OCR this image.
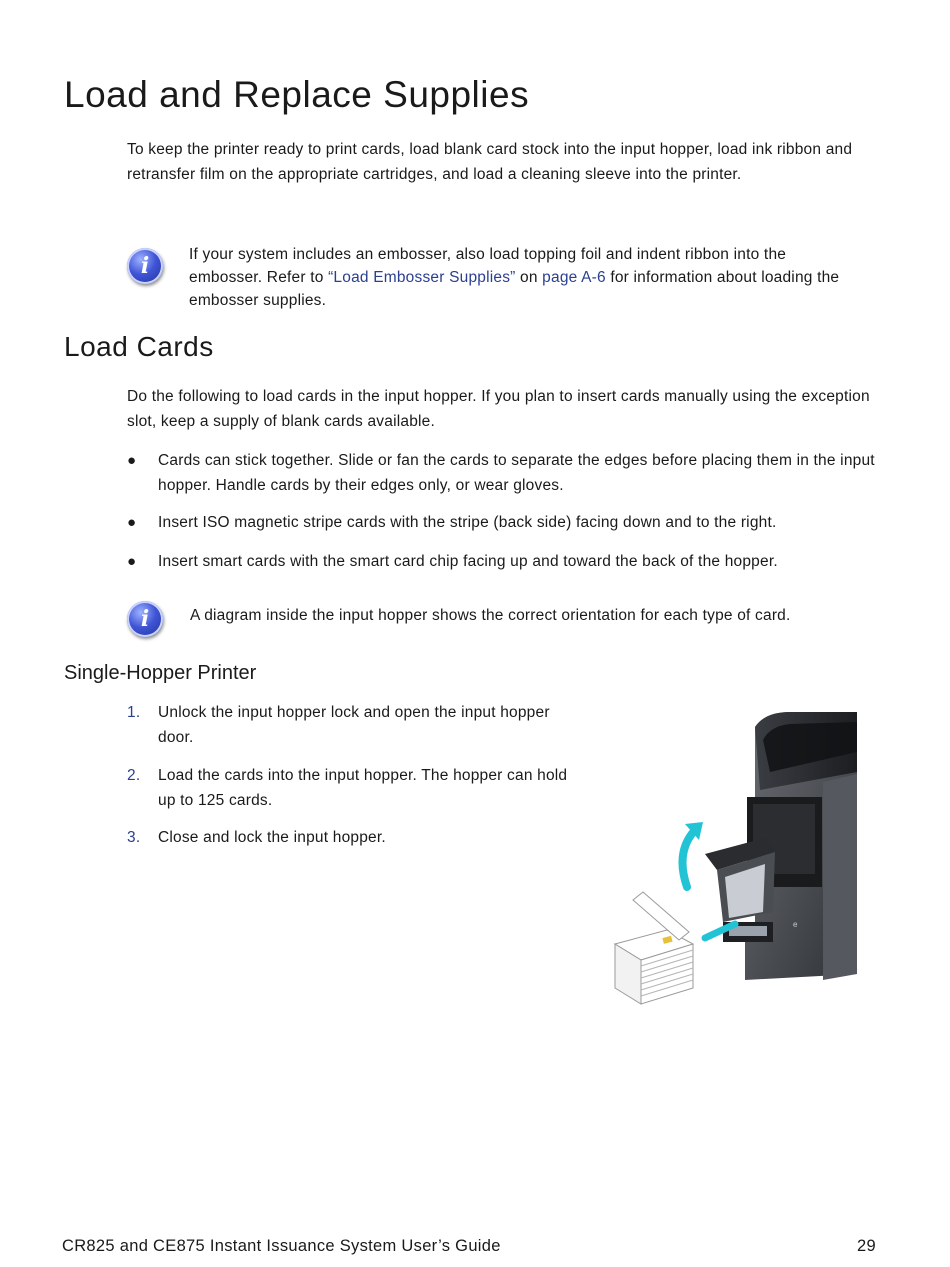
Load and Replace Supplies

To keep the printer ready to print cards, load blank card stock into the input hopper, load ink ribbon and retransfer film on the appropriate cartridges, and load a cleaning sleeve into the printer.

i	If your system includes an embosser, also load topping foil and indent ribbon into the embosser. Refer to “Load Embosser Supplies” on page A-6 for information about loading the embosser supplies.

Load Cards

Do the following to load cards in the input hopper. If you plan to insert cards manually using the exception slot, keep a supply of blank cards available.

●	Cards can stick together. Slide or fan the cards to separate the edges before placing them in the input hopper. Handle cards by their edges only, or wear gloves.
●	Insert ISO magnetic stripe cards with the stripe (back side) facing down and to the right.
●	Insert smart cards with the smart card chip facing up and toward the back of the hopper.
i	A diagram inside the input hopper shows the correct orientation for each type of card.

Single-Hopper Printer
1. Unlock the input hopper lock and open the input hopper door.
2. Load the cards into the input hopper. The hopper can hold up to 125 cards.
3. Close and lock the input hopper.
e
CR825 and CE875 Instant Issuance System User’s Guide	29
